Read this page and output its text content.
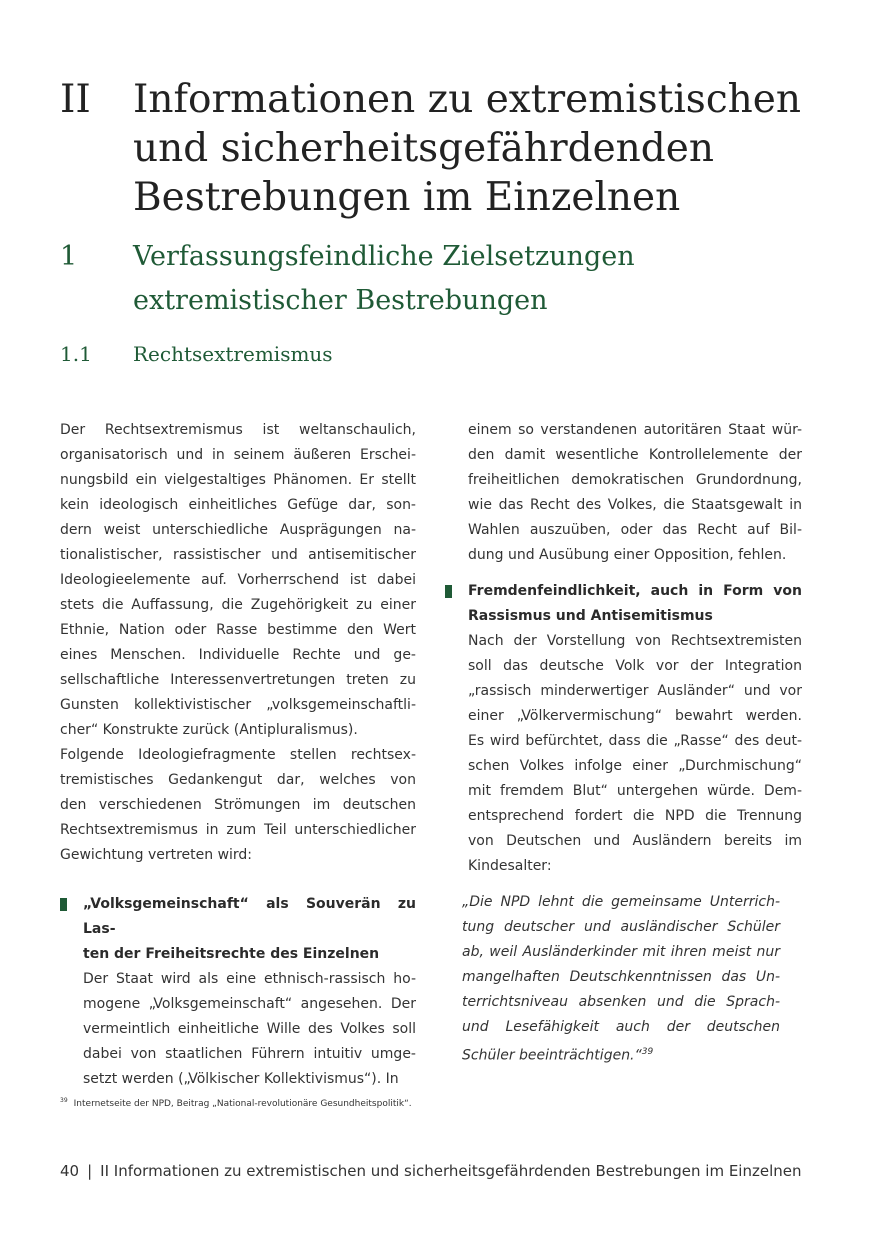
II Informationen zu extremistischen
und sicherheitsgefährdenden
Bestrebungen im Einzelnen
1 Verfassungsfeindliche Zielsetzungen
extremistischer Bestrebungen
1.1 Rechtsextremismus
Der Rechtsextremismus ist weltanschaulich,
organisatorisch und in seinem äußeren Erschei-
nungsbild ein vielgestaltiges Phänomen. Er stellt
kein ideologisch einheitliches Gefüge dar, son-
dern weist unterschiedliche Ausprägungen na-
tionalistischer, rassistischer und antisemitischer
Ideologieelemente auf. Vorherrschend ist dabei
stets die Auffassung, die Zugehörigkeit zu einer
Ethnie, Nation oder Rasse bestimme den Wert
eines Menschen. Individuelle Rechte und ge-
sellschaftliche Interessenvertretungen treten zu
Gunsten kollektivistischer „volksgemeinschaftli-
cher“ Konstrukte zurück (Antipluralismus).
Folgende Ideologiefragmente stellen rechtsex-
tremistisches Gedankengut dar, welches von
den verschiedenen Strömungen im deutschen
Rechtsextremismus in zum Teil unterschiedlicher
Gewichtung vertreten wird:
„Volksgemeinschaft“ als Souverän zu Las-
ten der Freiheitsrechte des Einzelnen
Der Staat wird als eine ethnisch-rassisch ho-
mogene „Volksgemeinschaft“ angesehen. Der
vermeintlich einheitliche Wille des Volkes soll
dabei von staatlichen Führern intuitiv umge-
setzt werden („Völkischer Kollektivismus“). In
einem so verstandenen autoritären Staat wür-
den damit wesentliche Kontrollelemente der
freiheitlichen demokratischen Grundordnung,
wie das Recht des Volkes, die Staatsgewalt in
Wahlen auszuüben, oder das Recht auf Bil-
dung und Ausübung einer Opposition, fehlen.
Fremdenfeindlichkeit, auch in Form von
Rassismus und Antisemitismus
Nach der Vorstellung von Rechtsextremisten
soll das deutsche Volk vor der Integration
„rassisch minderwertiger Ausländer“ und vor
einer „Völkervermischung“ bewahrt werden.
Es wird befürchtet, dass die „Rasse“ des deut-
schen Volkes infolge einer „Durchmischung“
mit fremdem Blut“ untergehen würde. Dem-
entsprechend fordert die NPD die Trennung
von Deutschen und Ausländern bereits im
Kindesalter:
„Die NPD lehnt die gemeinsame Unterrich-
tung deutscher und ausländischer Schüler
ab, weil Ausländerkinder mit ihren meist nur
mangelhaften Deutschkenntnissen das Un-
terrichtsniveau absenken und die Sprach-
und Lesefähigkeit auch der deutschen
Schüler beeinträchtigen.“$^{39}$
$^{39}$ Internetseite der NPD, Beitrag „National-revolutionäre Gesundheitspolitik“.
40 | II Informationen zu extremistischen und sicherheitsgefährdenden Bestrebungen im Einzelnen
